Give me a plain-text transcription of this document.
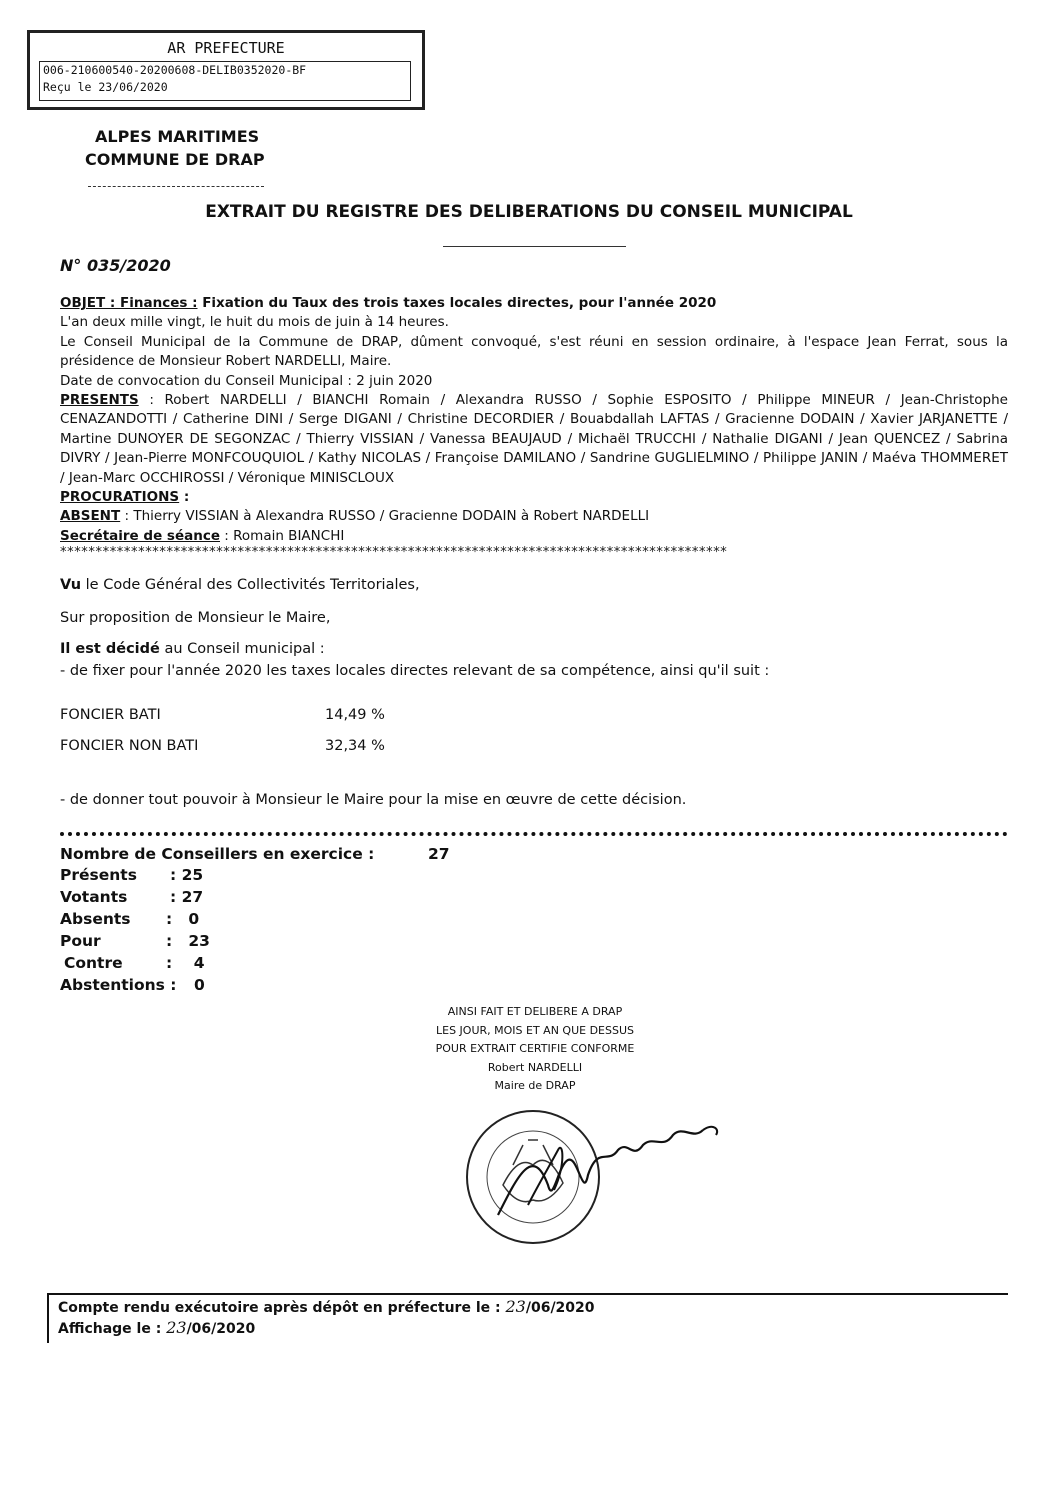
AR PREFECTURE
006-210600540-20200608-DELIB0352020-BF
Reçu le 23/06/2020
ALPES MARITIMES
COMMUNE DE DRAP
EXTRAIT DU REGISTRE DES DELIBERATIONS DU CONSEIL MUNICIPAL
N° 035/2020

OBJET : Finances : Fixation du Taux des trois taxes locales directes, pour l'année 2020

L'an deux mille vingt, le huit du mois de juin à 14 heures.

Le Conseil Municipal de la Commune de DRAP, dûment convoqué, s'est réuni en session ordinaire, à l'espace Jean Ferrat, sous la présidence de Monsieur Robert NARDELLI, Maire.

Date de convocation du Conseil Municipal : 2 juin 2020

PRESENTS : Robert NARDELLI / BIANCHI Romain / Alexandra RUSSO / Sophie ESPOSITO / Philippe MINEUR / Jean-Christophe CENAZANDOTTI / Catherine DINI / Serge DIGANI / Christine DECORDIER / Bouabdallah LAFTAS / Gracienne DODAIN / Xavier JARJANETTE / Martine DUNOYER DE SEGONZAC / Thierry VISSIAN / Vanessa BEAUJAUD / Michaël TRUCCHI / Nathalie DIGANI / Jean QUENCEZ / Sabrina DIVRY / Jean-Pierre MONFCOUQUIOL / Kathy NICOLAS / Françoise DAMILANO / Sandrine GUGLIELMINO / Philippe JANIN / Maéva THOMMERET / Jean-Marc OCCHIROSSI / Véronique MINISCLOUX

PROCURATIONS :

ABSENT : Thierry VISSIAN à Alexandra RUSSO / Gracienne DODAIN à Robert NARDELLI

Secrétaire de séance : Romain BIANCHI

**********************************************************************************************
Vu le Code Général des Collectivités Territoriales,
Sur proposition de Monsieur le Maire,
Il est décidé au Conseil municipal :
- de fixer pour l'année 2020 les taxes locales directes relevant de sa compétence, ainsi qu'il suit :
FONCIER BATI	14,49 %
FONCIER NON BATI	32,34 %
- de donner tout pouvoir à Monsieur le Maire pour la mise en œuvre de cette décision.
Nombre de Conseillers en exercice :	27
Présents : 25
Votants	: 27
Absents :   0
Pour	:   23
Contre	:    4
Abstentions : 0
AINSI FAIT ET DELIBERE A DRAP
LES JOUR, MOIS ET AN QUE DESSUS
POUR EXTRAIT CERTIFIE CONFORME
Robert NARDELLI
Maire de DRAP
Compte rendu exécutoire après dépôt en préfecture le : 23/06/2020
Affichage le : 23/06/2020
